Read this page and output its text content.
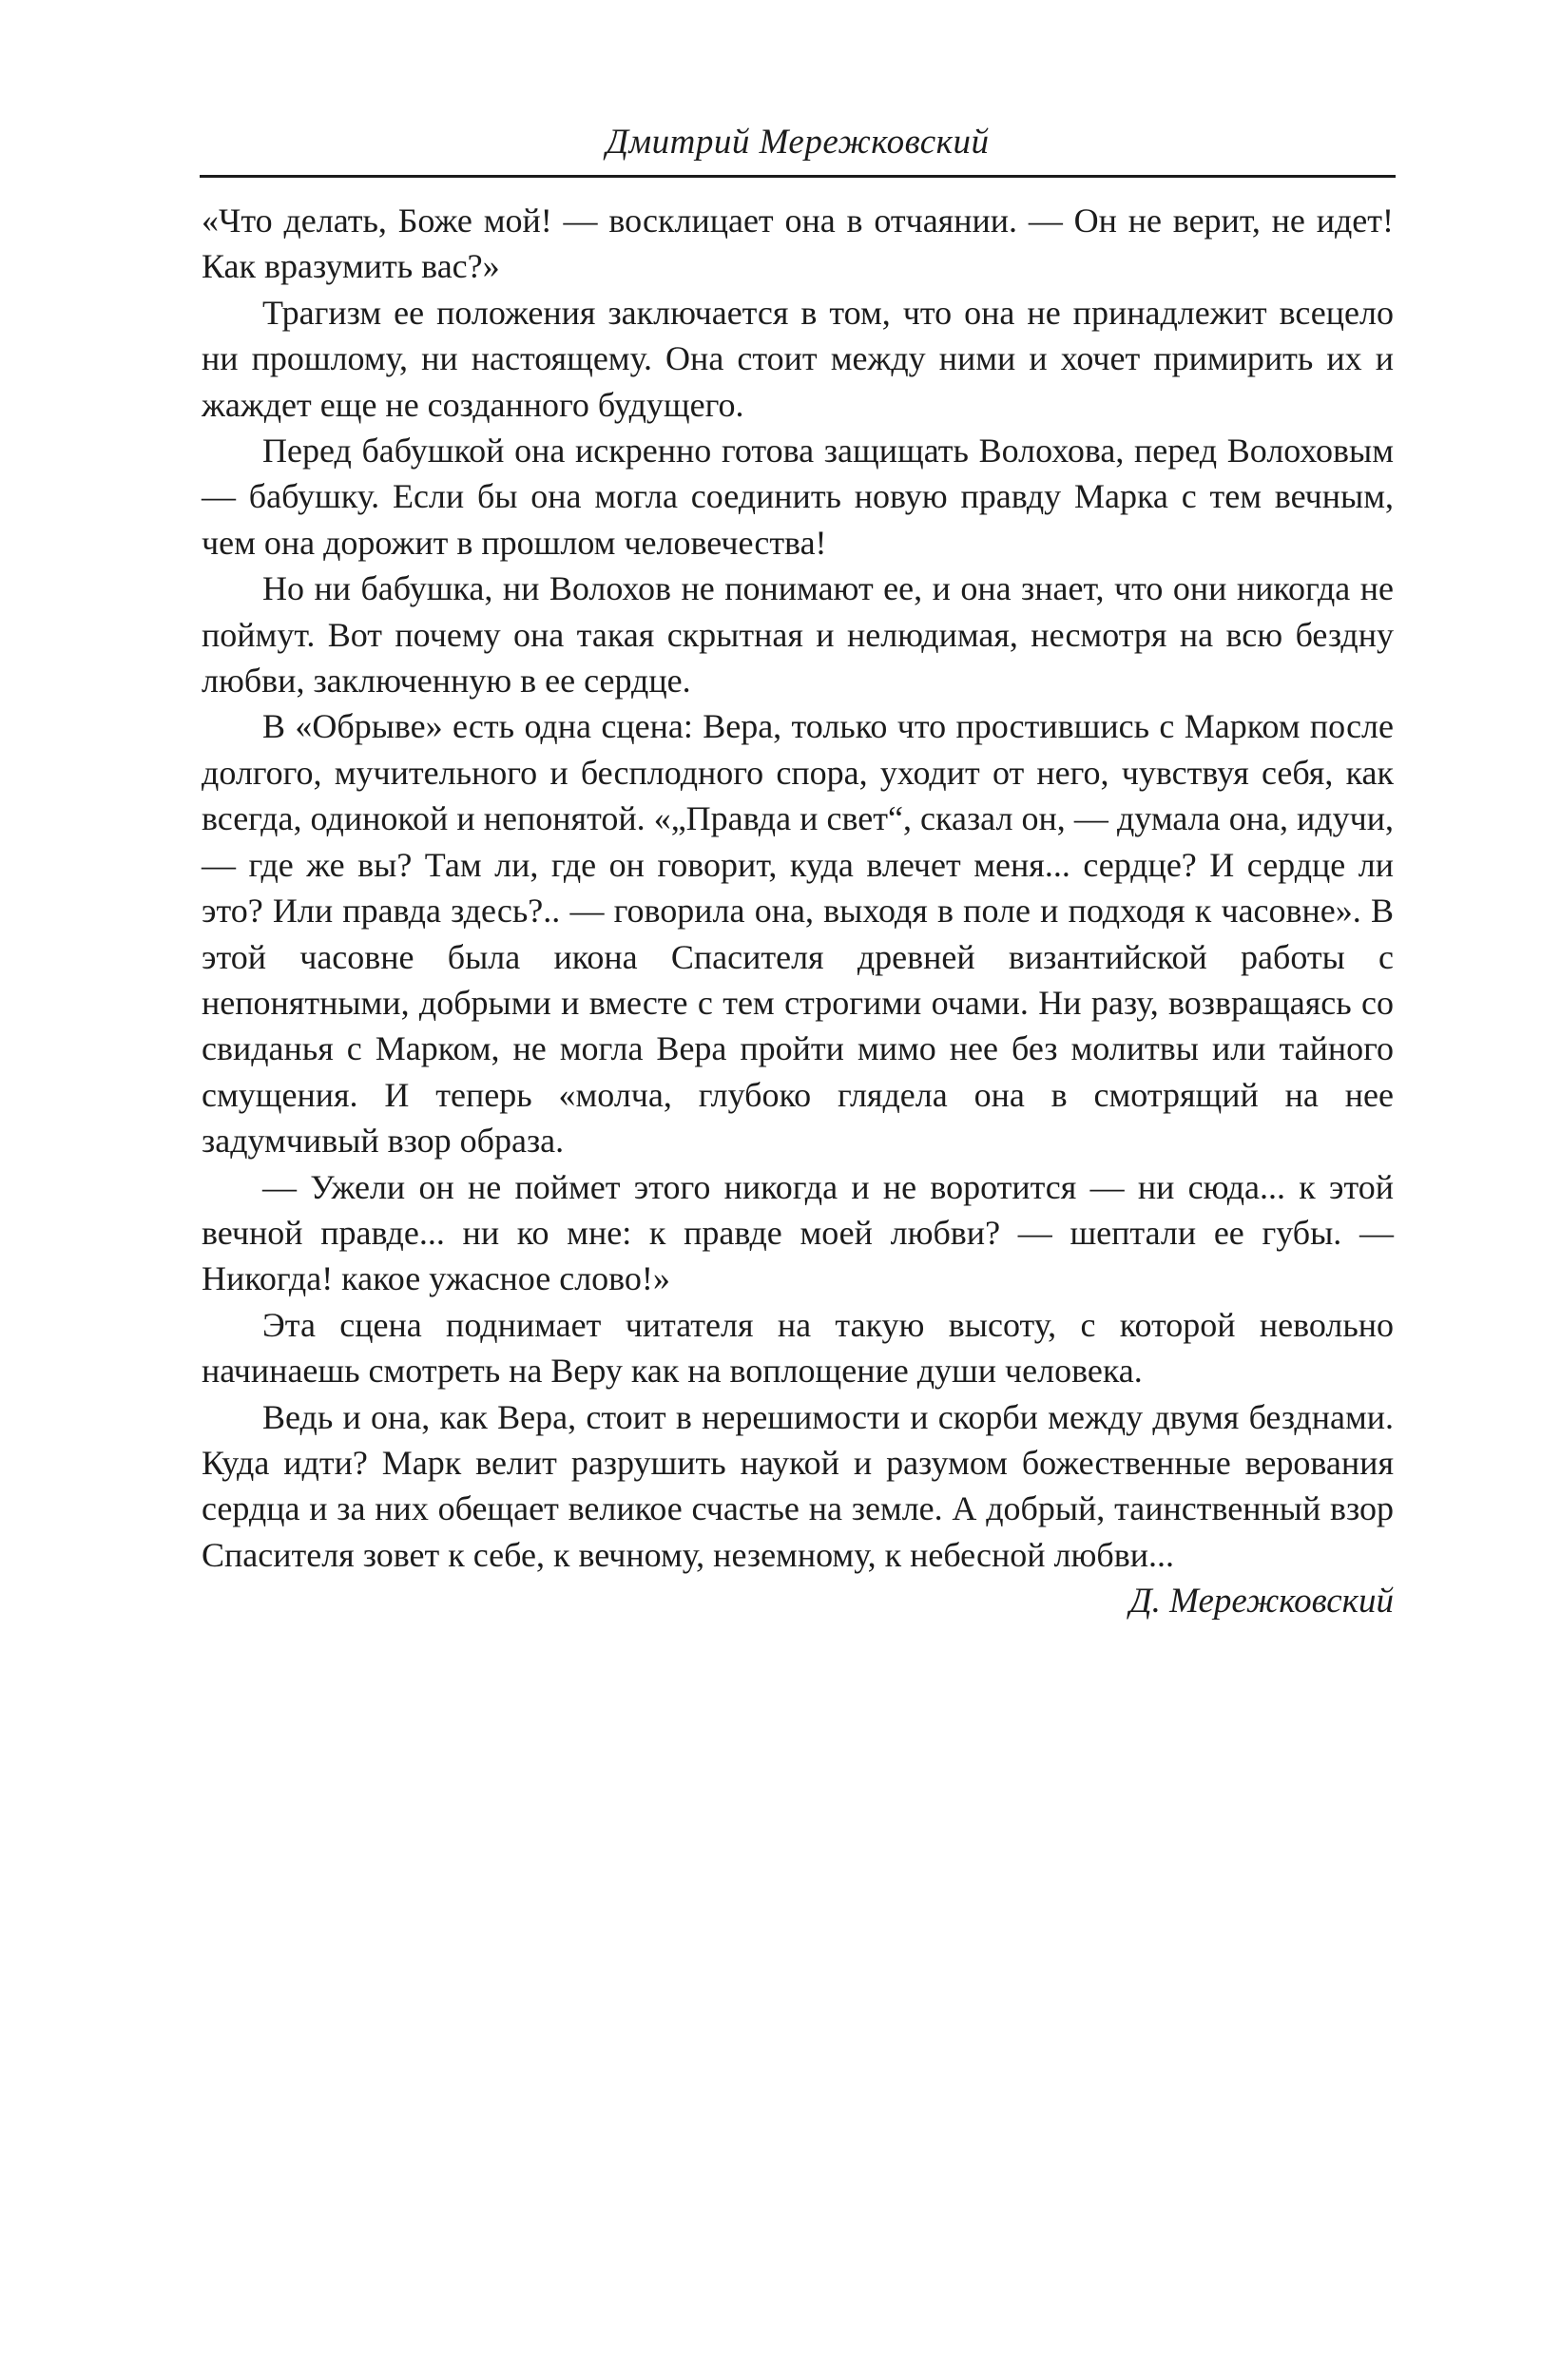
Дмитрий Мережковский

«Что делать, Боже мой! — восклицает она в отчаянии. — Он не верит, не идет! Как вразумить вас?»

Трагизм ее положения заключается в том, что она не принадлежит всецело ни прошлому, ни настоящему. Она стоит между ними и хочет примирить их и жаждет еще не созданного будущего.

Перед бабушкой она искренно готова защищать Волохова, перед Волоховым — бабушку. Если бы она могла соединить новую правду Марка с тем вечным, чем она дорожит в прошлом человечества!

Но ни бабушка, ни Волохов не понимают ее, и она знает, что они никогда не поймут. Вот почему она такая скрытная и нелюдимая, несмотря на всю бездну любви, заключенную в ее сердце.

В «Обрыве» есть одна сцена: Вера, только что простившись с Марком после долгого, мучительного и бесплодного спора, уходит от него, чувствуя себя, как всегда, одинокой и непонятой. «„Правда и свет“, сказал он, — думала она, идучи, — где же вы? Там ли, где он говорит, куда влечет меня... сердце? И сердце ли это? Или правда здесь?.. — говорила она, выходя в поле и подходя к часовне». В этой часовне была икона Спасителя древней византийской работы с непонятными, добрыми и вместе с тем строгими очами. Ни разу, возвращаясь со свиданья с Марком, не могла Вера пройти мимо нее без молитвы или тайного смущения. И теперь «молча, глубоко глядела она в смотрящий на нее задумчивый взор образа.

— Ужели он не поймет этого никогда и не воротится — ни сюда... к этой вечной правде... ни ко мне: к правде моей любви? — шептали ее губы. — Никогда! какое ужасное слово!»

Эта сцена поднимает читателя на такую высоту, с которой невольно начинаешь смотреть на Веру как на воплощение души человека.

Ведь и она, как Вера, стоит в нерешимости и скорби между двумя безднами. Куда идти? Марк велит разрушить наукой и разумом божественные верования сердца и за них обещает великое счастье на земле. А добрый, таинственный взор Спасителя зовет к себе, к вечному, неземному, к небесной любви...

Д. Мережковский
